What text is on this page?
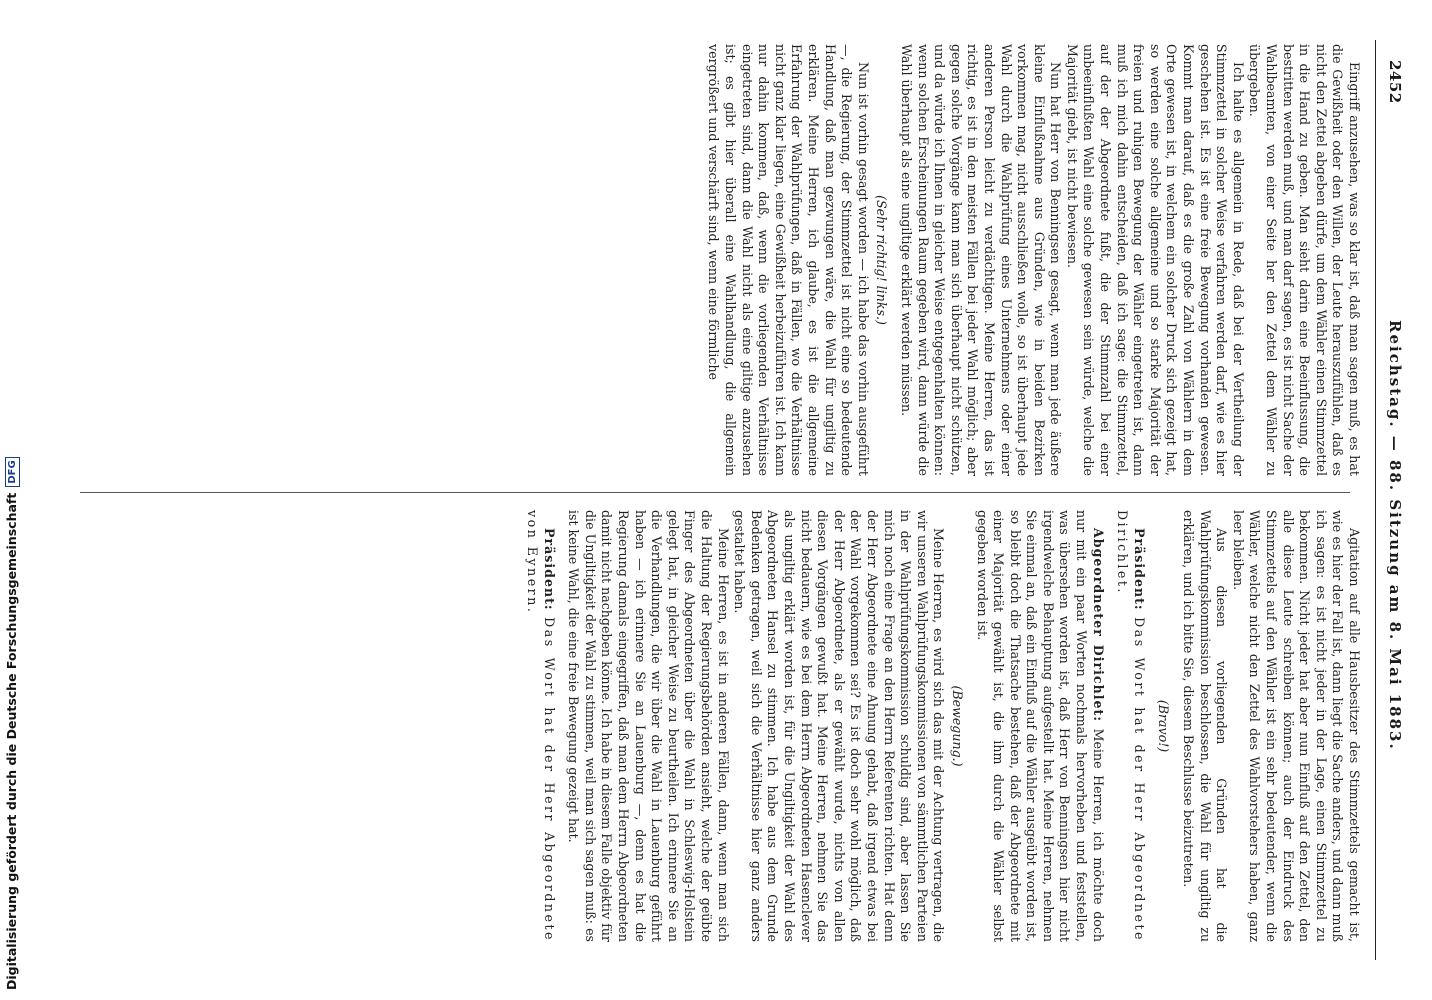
2452
Reichstag. — 88. Sitzung am 8. Mai 1883.

Eingriff anzusehen, was so klar ist, daß man sagen muß, es hat die Gewißheit oder den Willen, der Leute herauszufühlen, daß es nicht den Zettel abgeben dürfe, um dem Wähler einen Stimmzettel in die Hand zu geben. Man sieht darin eine Beeinflussung, die bestritten werden muß, und man darf sagen, es ist nicht Sache der Wahlbeamten, von einer Seite her den Zettel dem Wähler zu übergeben.

Ich halte es allgemein in Rede, daß bei der Vertheilung der Stimmzettel in solcher Weise verfahren werden darf, wie es hier geschehen ist. Es ist eine freie Bewegung vorhanden gewesen. Kommt man darauf, daß es die große Zahl von Wählern in dem Orte gewesen ist, in welchem ein solcher Druck sich gezeigt hat, so werden eine solche allgemeine und so starke Majorität der freien und ruhigen Bewegung der Wähler eingetreten ist, dann muß ich mich dahin entscheiden, daß ich sage: die Stimmzettel, auf der der Abgeordnete fußt, die der Stimmzahl bei einer unbeeinflußten Wahl eine solche gewesen sein würde, welche die Majorität giebt, ist nicht bewiesen.

Nun hat Herr von Benningsen gesagt, wenn man jede äußere kleine Einflußnahme aus Gründen, wie in beiden Bezirken vorkommen mag, nicht ausschließen wolle, so ist überhaupt jede Wahl durch die Wahlprüfung eines Unternehmens oder einer anderen Person leicht zu verdächtigen. Meine Herren, das ist richtig, es ist in den meisten Fällen bei jeder Wahl möglich; aber gegen solche Vorgänge kann man sich überhaupt nicht schützen, und da würde ich Ihnen in gleicher Weise entgegenhalten können: wenn solchen Erscheinungen Raum gegeben wird, dann würde die Wahl überhaupt als eine ungiltige erklärt werden müssen.

(Sehr richtig! links.)

Nun ist vorhin gesagt worden — ich habe das vorhin ausgeführt —, die Regierung, der Stimmzettel ist nicht eine so bedeutende Handlung, daß man gezwungen wäre, die Wahl für ungiltig zu erklären. Meine Herren, ich glaube, es ist die allgemeine Erfahrung der Wahlprüfungen, daß in Fällen, wo die Verhältnisse nicht ganz klar liegen, eine Gewißheit herbeizuführen ist. Ich kann nur dahin kommen, daß, wenn die vorliegenden Verhältnisse eingetreten sind, dann die Wahl nicht als eine giltige anzusehen ist; es gibt hier überall eine Wahlhandlung, die allgemein vergrößert und verschärft sind, wenn eine förmliche

Agitation auf alle Hausbesitzer des Stimmzettels gemacht ist, wie es hier der Fall ist, dann liegt die Sache anders, und dann muß ich sagen: es ist nicht jeder in der Lage, einen Stimmzettel zu bekommen. Nicht jeder hat aber nun Einfluß auf den Zettel, den alle diese Leute schreiben können; auch der Eindruck des Stimmzettels auf den Wähler ist ein sehr bedeutender, wenn die Wähler, welche nicht den Zettel des Wahlvorstehers haben, ganz leer bleiben.

Aus diesen vorliegenden Gründen hat die Wahlprüfungskommission beschlossen, die Wahl für ungiltig zu erklären, und ich bitte Sie, diesem Beschlusse beizutreten.

(Bravo!)

Präsident: Das Wort hat der Herr Abgeordnete Dirichlet.

Abgeordneter Dirichlet: Meine Herren, ich möchte doch nur mit ein paar Worten nochmals hervorheben und feststellen, was übersehen worden ist, daß Herr von Benningsen hier nicht irgendwelche Behauptung aufgestellt hat. Meine Herren, nehmen Sie einmal an, daß ein Einfluß auf die Wähler ausgeübt worden ist, so bleibt doch die Thatsache bestehen, daß der Abgeordnete mit einer Majorität gewählt ist, die ihm durch die Wähler selbst gegeben worden ist.

(Bewegung.)

Meine Herren, es wird sich das mit der Achtung vertragen, die wir unseren Wahlprüfungskommissionen von sämmtlichen Parteien in der Wahlprüfungskommission schuldig sind, aber lassen Sie mich noch eine Frage an den Herrn Referenten richten. Hat denn der Herr Abgeordnete eine Ahnung gehabt, daß irgend etwas bei der Wahl vorgekommen sei? Es ist doch sehr wohl möglich, daß der Herr Abgeordnete, als er gewählt wurde, nichts von allen diesen Vorgängen gewußt hat. Meine Herren, nehmen Sie das nicht bedauern, wie es bei dem Herrn Abgeordneten Hasenclever als ungiltig erklärt worden ist, für die Ungiltigkeit der Wahl des Abgeordneten Hansel zu stimmen. Ich habe aus dem Grunde Bedenken getragen, weil sich die Verhältnisse hier ganz anders gestaltet haben.

Meine Herren, es ist in anderen Fällen, dann, wenn man sich die Haltung der Regierungsbehörden ansieht, welche der geübte Finger des Abgeordneten über die Wahl in Schleswig-Holstein gelegt hat, in gleicher Weise zu beurtheilen. Ich erinnere Sie an die Verhandlungen, die wir über die Wahl in Lauenburg geführt haben — ich erinnere Sie an Lauenburg —, denn es hat die Regierung damals eingegriffen, daß man dem Herrn Abgeordneten damit nicht nachgeben könne. Ich habe in diesem Falle objektiv für die Ungiltigkeit der Wahl zu stimmen, weil man sich sagen muß: es ist keine Wahl, die eine freie Bewegung gezeigt hat.

Präsident: Das Wort hat der Herr Abgeordnete von Eynern.

Digitalisierung gefördert durch die Deutsche ForschungsgemeinschaftDFG
